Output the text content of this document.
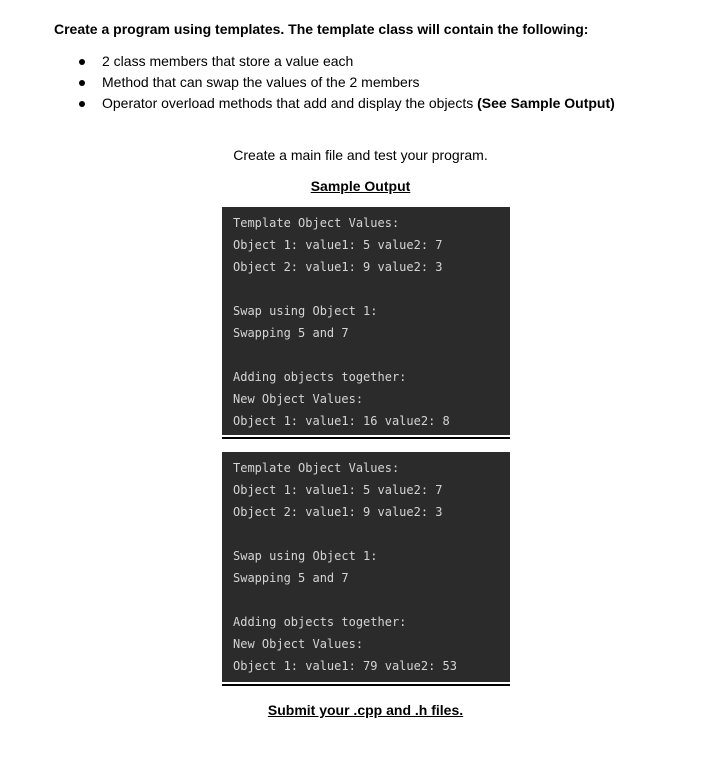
Create a program using templates. The template class will contain the following:
2 class members that store a value each
Method that can swap the values of the 2 members
Operator overload methods that add and display the objects (See Sample Output)
Create a main file and test your program.
Sample Output
Template Object Values:
Object 1: value1: 5 value2: 7
Object 2: value1: 9 value2: 3
Swap using Object 1:
Swapping 5 and 7
Adding objects together:
New Object Values:
Object 1: value1: 16 value2: 8
Template Object Values:
Object 1: value1: 5 value2: 7
Object 2: value1: 9 value2: 3
Swap using Object 1:
Swapping 5 and 7
Adding objects together:
New Object Values:
Object 1: value1: 79 value2: 53
Submit your .cpp and .h files.
